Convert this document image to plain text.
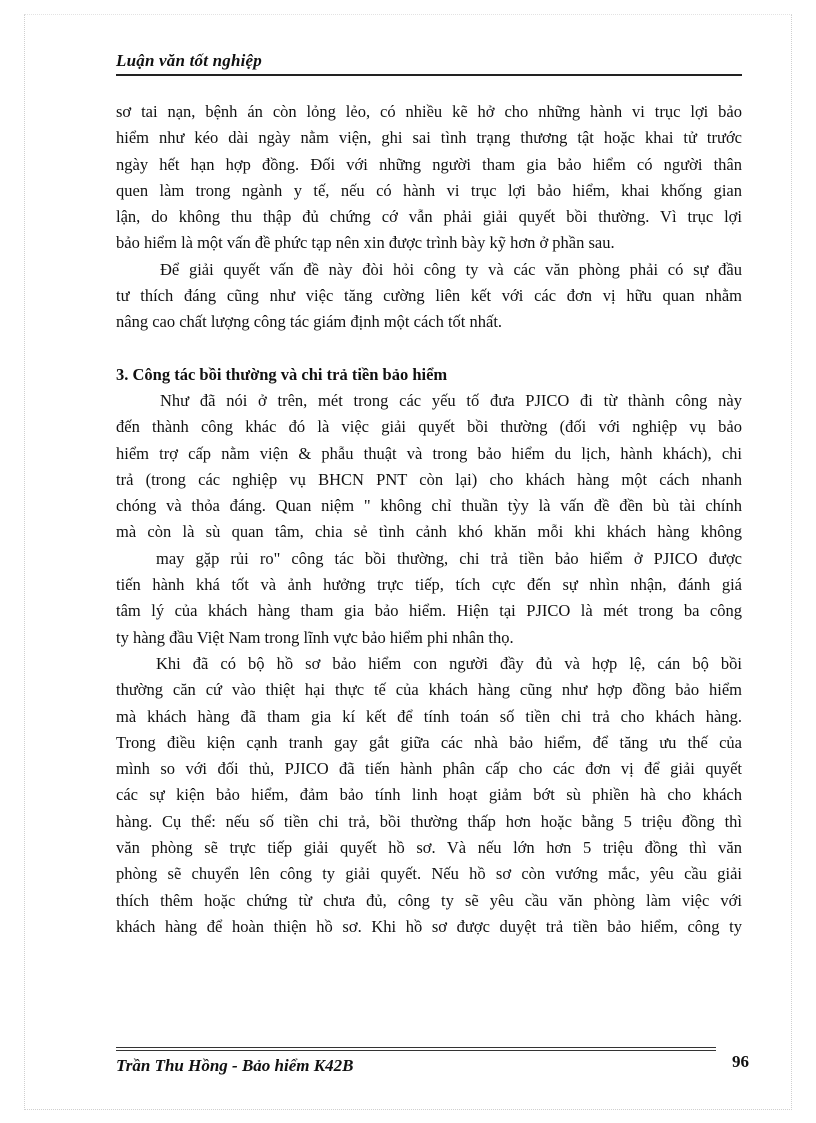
Luận văn tốt nghiệp
sơ tai nạn, bệnh án còn lỏng lẻo, có nhiều kẽ hở cho những hành vi trục lợi bảo
hiểm như kéo dài ngày nằm viện, ghi sai tình trạng thương tật hoặc khai tử trước
ngày hết hạn hợp đồng. Đối với những người tham gia bảo hiểm có người thân
quen làm trong ngành y tế, nếu có hành vi trục lợi bảo hiểm, khai khống gian
lận, do không thu thập đủ chứng cớ vẫn phải giải quyết bồi thường. Vì trục lợi
bảo hiểm là một vấn đề phức tạp nên xin được trình bày kỹ hơn ở phần sau.
Để giải quyết vấn đề này đòi hỏi công ty và các văn phòng phải có sự đầu
tư thích đáng cũng như việc tăng cường liên kết với các đơn vị hữu quan nhằm
nâng cao chất lượng công tác giám định một cách tốt nhất.
3. Công tác bồi thường và chi trả tiền bảo hiểm
Như đã nói ở trên, mét trong các yếu tố đưa PJICO đi từ thành công này
đến thành công khác đó là việc giải quyết bồi thường (đối với nghiệp vụ bảo
hiểm trợ cấp nằm viện & phẫu thuật và trong bảo hiểm du lịch, hành khách), chi
trả (trong các nghiệp vụ BHCN PNT còn lại) cho khách hàng một cách nhanh
chóng và thỏa đáng. Quan niệm " không chỉ thuần tỳy là vấn đề đền bù tài chính
mà còn là sù quan tâm, chia sẻ tình cảnh khó khăn mỗi khi khách hàng không
may gặp rủi ro" công tác bồi thường, chi trả tiền bảo hiểm ở PJICO được
tiến hành khá tốt và ảnh hưởng trực tiếp, tích cực đến sự nhìn nhận, đánh giá
tâm lý của khách hàng tham gia bảo hiểm. Hiện tại PJICO là mét trong ba công
ty hàng đầu Việt Nam trong lĩnh vực bảo hiểm phi nhân thọ.
Khi đã có bộ hồ sơ bảo hiểm con người đầy đủ và hợp lệ, cán bộ bồi
thường căn cứ vào thiệt hại thực tế của khách hàng cũng như hợp đồng bảo hiểm
mà khách hàng đã tham gia kí kết để tính toán số tiền chi trả cho khách hàng.
Trong điều kiện cạnh tranh gay gắt giữa các nhà bảo hiểm, để tăng ưu thế của
mình so với đối thủ, PJICO đã tiến hành phân cấp cho các đơn vị để giải quyết
các sự kiện bảo hiểm, đảm bảo tính linh hoạt giảm bớt sù phiền hà cho khách
hàng. Cụ thể: nếu số tiền chi trả, bồi thường thấp hơn hoặc bằng 5 triệu đồng thì
văn phòng sẽ trực tiếp giải quyết hồ sơ. Và nếu lớn hơn 5 triệu đồng thì văn
phòng sẽ chuyển lên công ty giải quyết. Nếu hồ sơ còn vướng mắc, yêu cầu giải
thích thêm hoặc chứng từ chưa đủ, công ty sẽ yêu cầu văn phòng làm việc với
khách hàng để hoàn thiện hồ sơ. Khi hồ sơ được duyệt trả tiền bảo hiểm, công ty
Trần Thu Hồng - Bảo hiểm K42B	96
